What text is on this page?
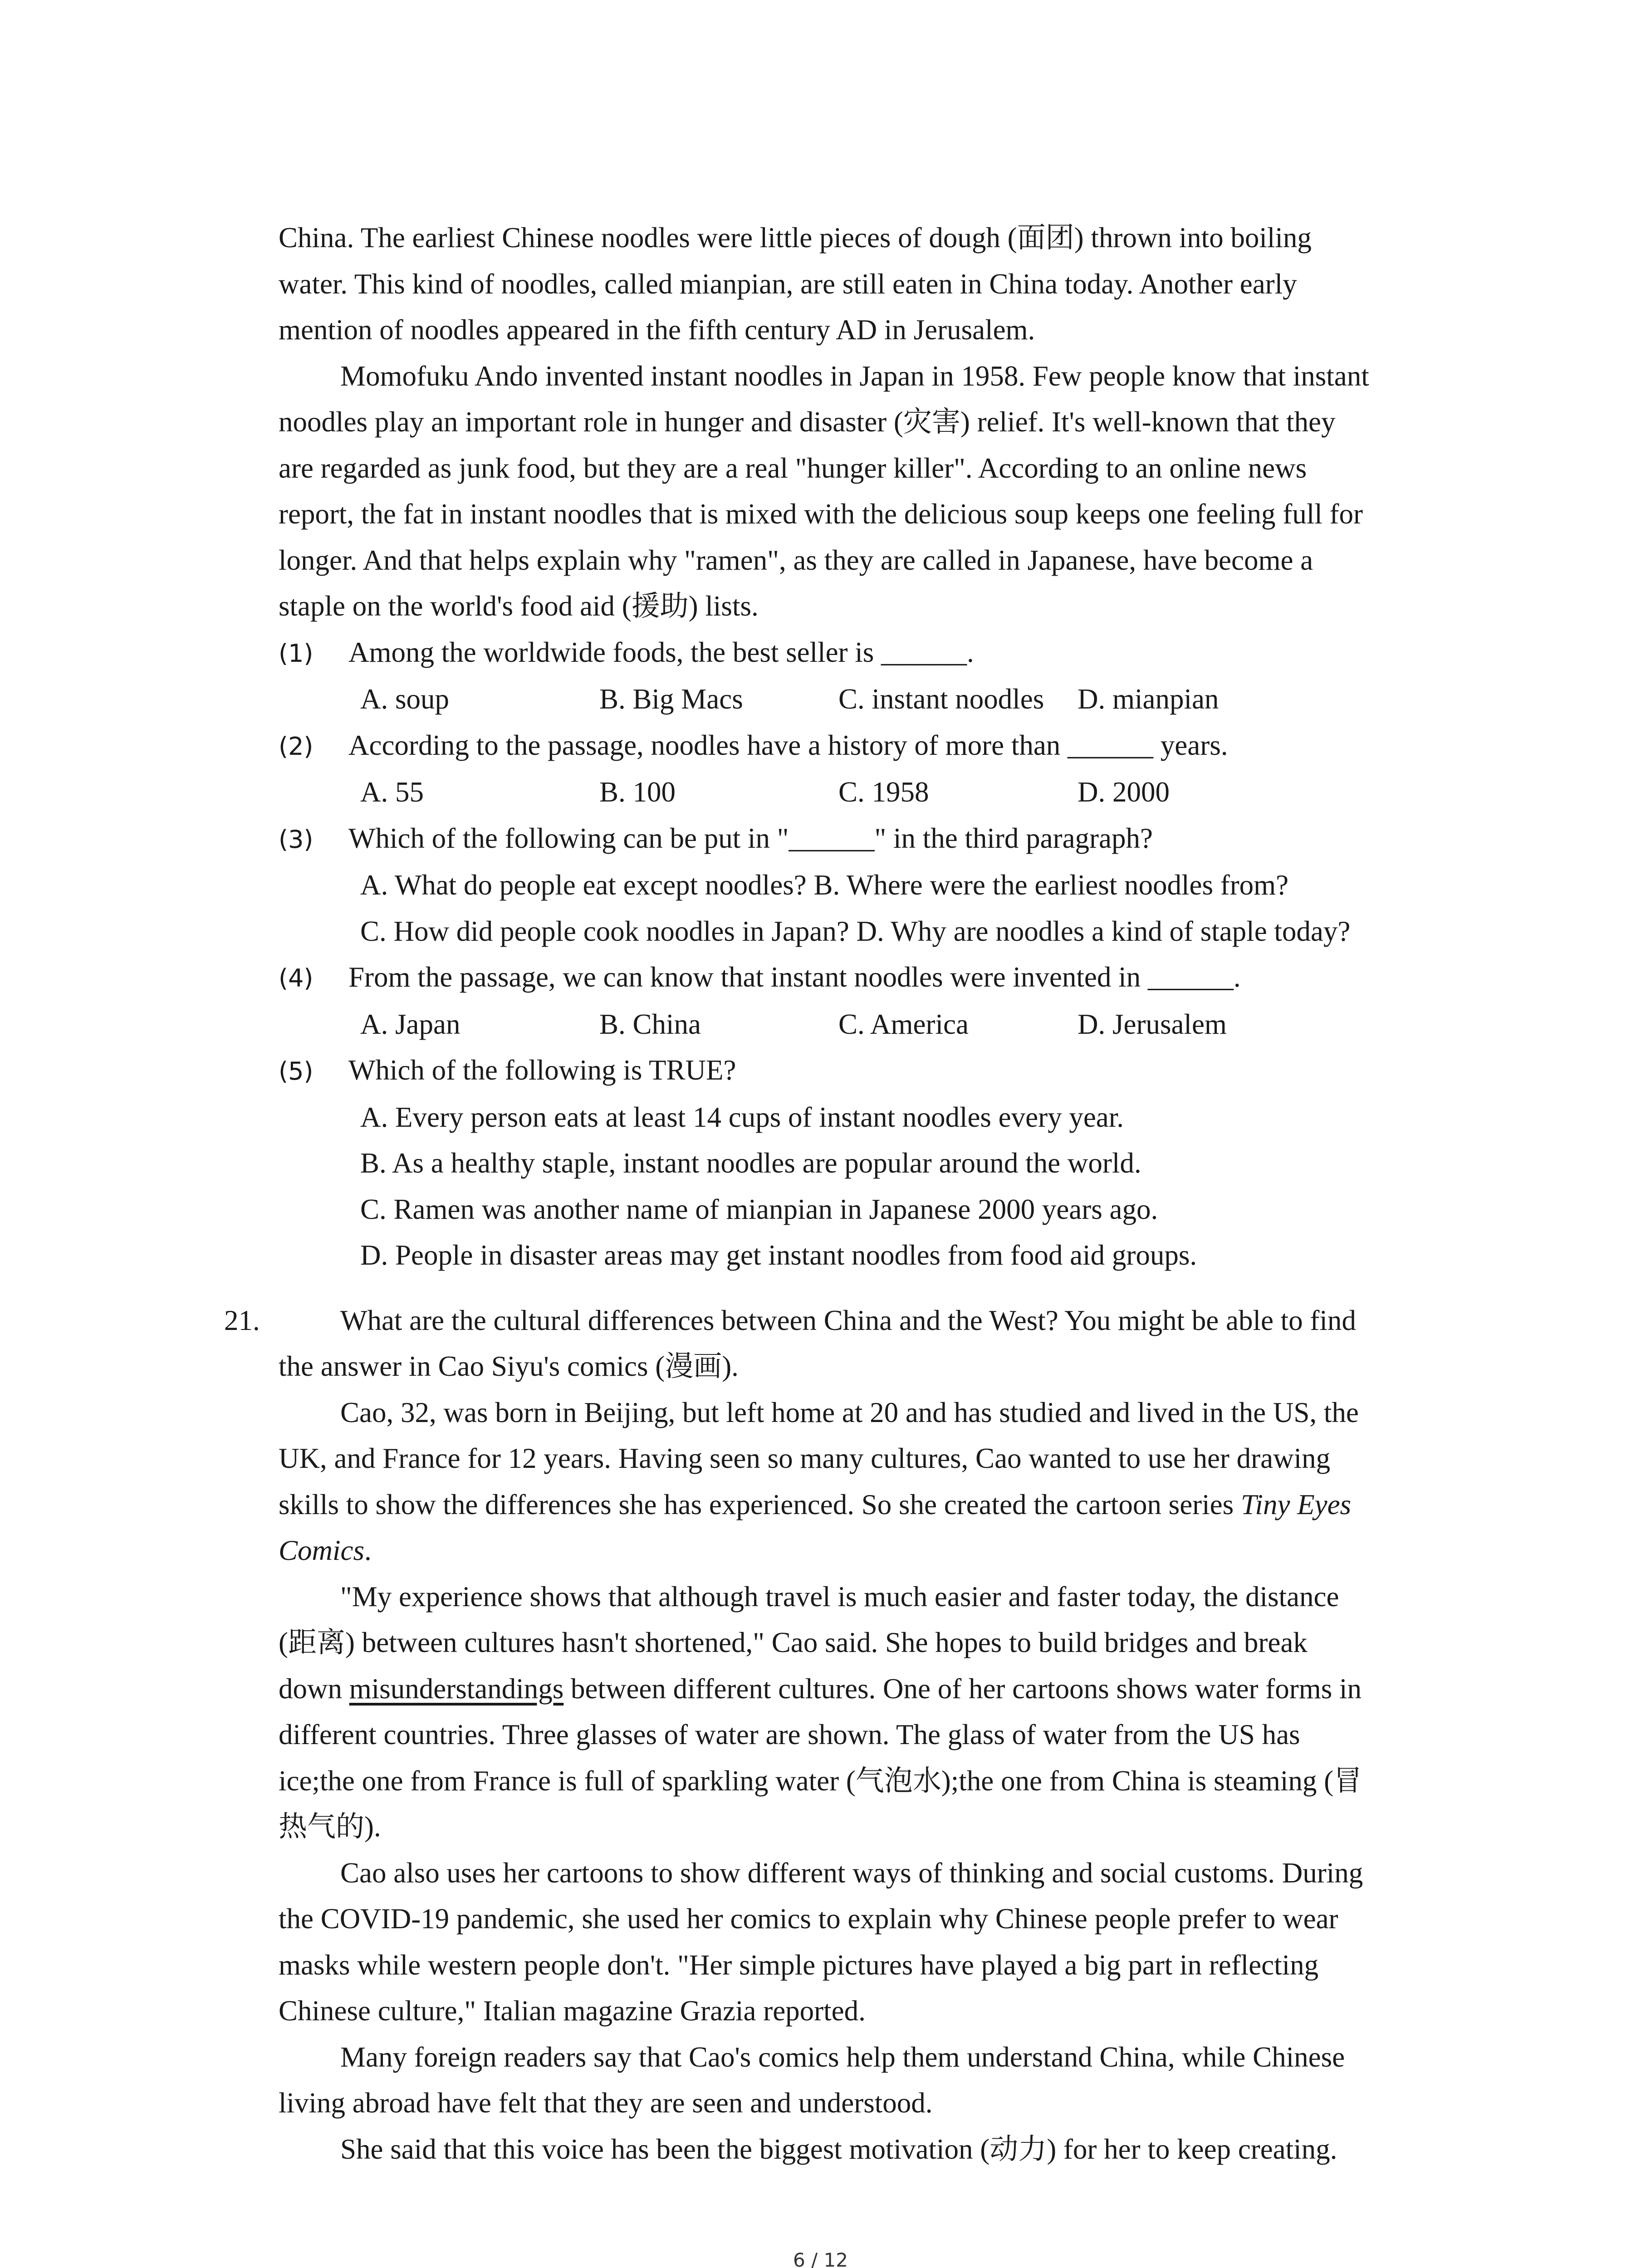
China. The earliest Chinese noodles were little pieces of dough (面团) thrown into boiling

water. This kind of noodles, called mianpian, are still eaten in China today. Another early

mention of noodles appeared in the fifth century AD in Jerusalem.

Momofuku Ando invented instant noodles in Japan in 1958. Few people know that instant

noodles play an important role in hunger and disaster (灾害) relief. It's well-known that they

are regarded as junk food, but they are a real "hunger killer". According to an online news

report, the fat in instant noodles that is mixed with the delicious soup keeps one feeling full for

longer. And that helps explain why "ramen", as they are called in Japanese, have become a

staple on the world's food aid (援助) lists.

(1)	Among the worldwide foods, the best seller is ______.

A. soup	B. Big Macs	C. instant noodles	D. mianpian

(2)	According to the passage, noodles have a history of more than ______ years.

A. 55	B. 100	C. 1958	D. 2000

(3)	Which of the following can be put in "______" in the third paragraph?

A. What do people eat except noodles? B. Where were the earliest noodles from?

C. How did people cook noodles in Japan? D. Why are noodles a kind of staple today?

(4)	From the passage, we can know that instant noodles were invented in ______.

A. Japan	B. China	C. America	D. Jerusalem

(5)	Which of the following is TRUE?

A. Every person eats at least 14 cups of instant noodles every year.

B. As a healthy staple, instant noodles are popular around the world.

C. Ramen was another name of mianpian in Japanese 2000 years ago.

D. People in disaster areas may get instant noodles from food aid groups.

21.	What are the cultural differences between China and the West? You might be able to find

the answer in Cao Siyu's comics (漫画).

Cao, 32, was born in Beijing, but left home at 20 and has studied and lived in the US, the

UK, and France for 12 years. Having seen so many cultures, Cao wanted to use her drawing

skills to show the differences she has experienced. So she created the cartoon series Tiny Eyes

Comics.

"My experience shows that although travel is much easier and faster today, the distance

(距离) between cultures hasn't shortened," Cao said. She hopes to build bridges and break

down misunderstandings between different cultures. One of her cartoons shows water forms in

different countries. Three glasses of water are shown. The glass of water from the US has

ice;the one from France is full of sparkling water (气泡水);the one from China is steaming (冒

热气的).

Cao also uses her cartoons to show different ways of thinking and social customs. During

the COVID-19 pandemic, she used her comics to explain why Chinese people prefer to wear

masks while western people don't. "Her simple pictures have played a big part in reflecting

Chinese culture," Italian magazine Grazia reported.

Many foreign readers say that Cao's comics help them understand China, while Chinese

living abroad have felt that they are seen and understood.

She said that this voice has been the biggest motivation (动力) for her to keep creating.

6 / 12
